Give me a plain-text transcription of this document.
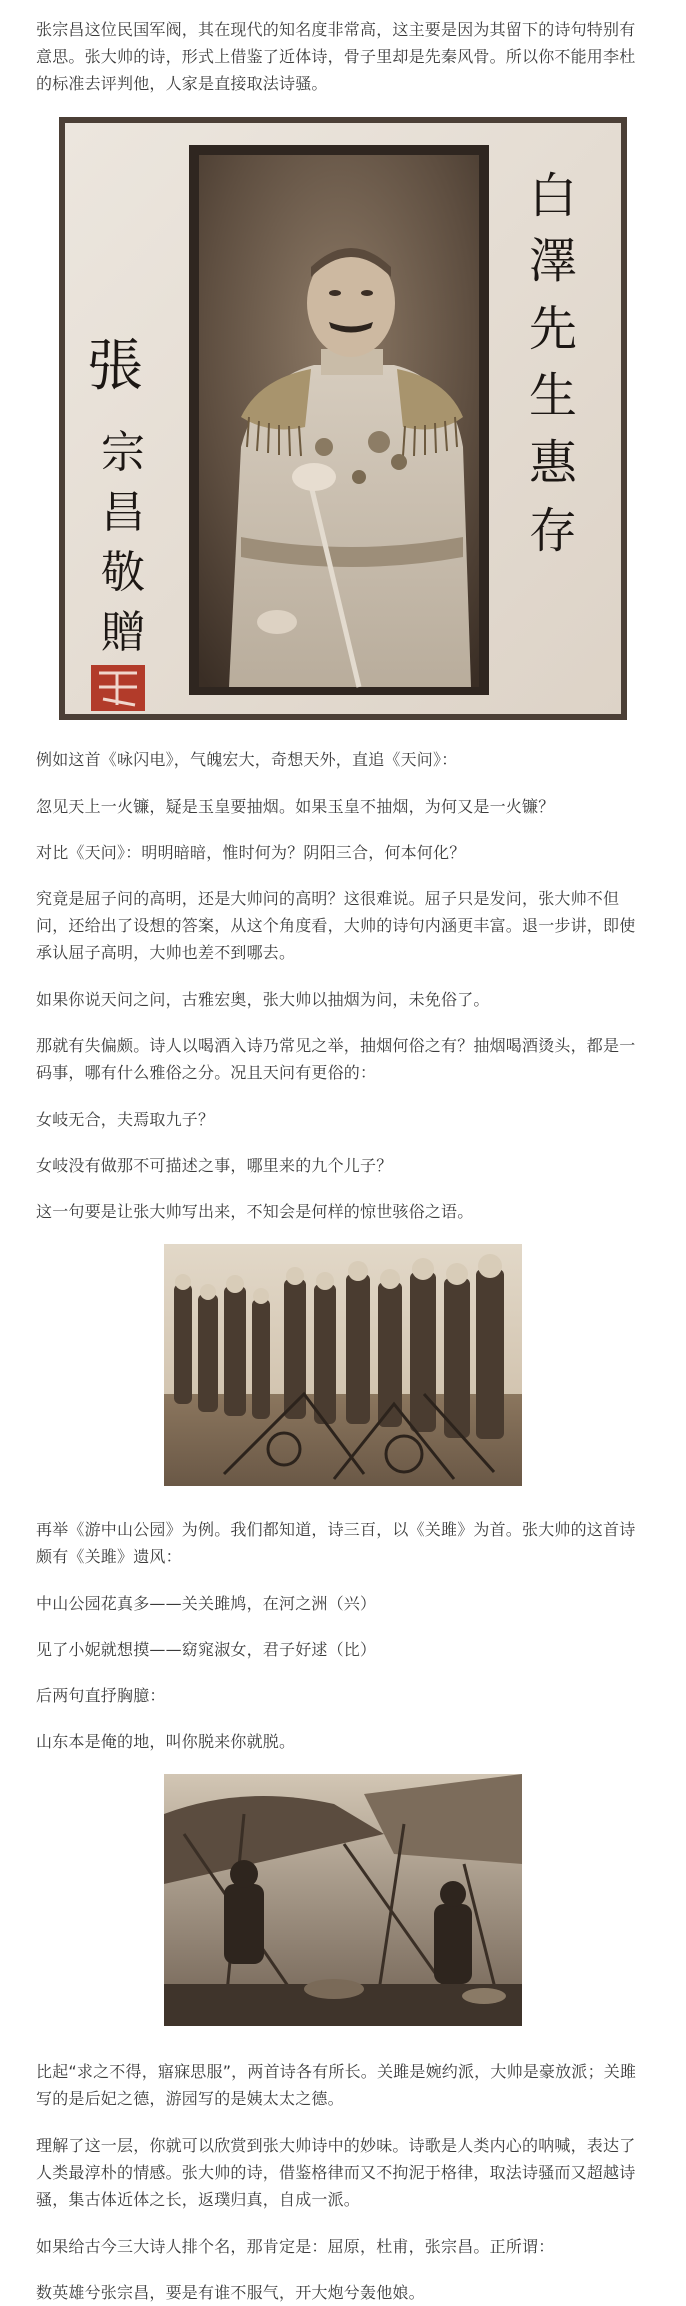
张宗昌这位民国军阀，其在现代的知名度非常高，这主要是因为其留下的诗句特别有意思。张大帅的诗，形式上借鉴了近体诗，骨子里却是先秦风骨。所以你不能用李杜的标准去评判他，人家是直接取法诗骚。

白
澤
先
生
惠
存
張
宗
昌
敬
贈

例如这首《咏闪电》，气魄宏大，奇想天外，直追《天问》：

忽见天上一火镰，疑是玉皇要抽烟。如果玉皇不抽烟，为何又是一火镰？

对比《天问》：明明暗暗，惟时何为？阴阳三合，何本何化？

究竟是屈子问的高明，还是大帅问的高明？这很难说。屈子只是发问，张大帅不但问，还给出了设想的答案，从这个角度看，大帅的诗句内涵更丰富。退一步讲，即使承认屈子高明，大帅也差不到哪去。

如果你说天问之问，古雅宏奥，张大帅以抽烟为问，未免俗了。

那就有失偏颇。诗人以喝酒入诗乃常见之举，抽烟何俗之有？抽烟喝酒烫头，都是一码事，哪有什么雅俗之分。况且天问有更俗的：

女岐无合，夫焉取九子？

女岐没有做那不可描述之事，哪里来的九个儿子？

这一句要是让张大帅写出来，不知会是何样的惊世骇俗之语。

再举《游中山公园》为例。我们都知道，诗三百，以《关雎》为首。张大帅的这首诗颇有《关雎》遗风：

中山公园花真多——关关雎鸠，在河之洲（兴）

见了小妮就想摸——窈窕淑女，君子好逑（比）

后两句直抒胸臆：

山东本是俺的地，叫你脱来你就脱。

比起“求之不得，寤寐思服”，两首诗各有所长。关雎是婉约派，大帅是豪放派；关雎写的是后妃之德，游园写的是姨太太之德。

理解了这一层，你就可以欣赏到张大帅诗中的妙味。诗歌是人类内心的呐喊，表达了人类最淳朴的情感。张大帅的诗，借鉴格律而又不拘泥于格律，取法诗骚而又超越诗骚，集古体近体之长，返璞归真，自成一派。

如果给古今三大诗人排个名，那肯定是：屈原，杜甫，张宗昌。正所谓：

数英雄兮张宗昌，要是有谁不服气，开大炮兮轰他娘。
